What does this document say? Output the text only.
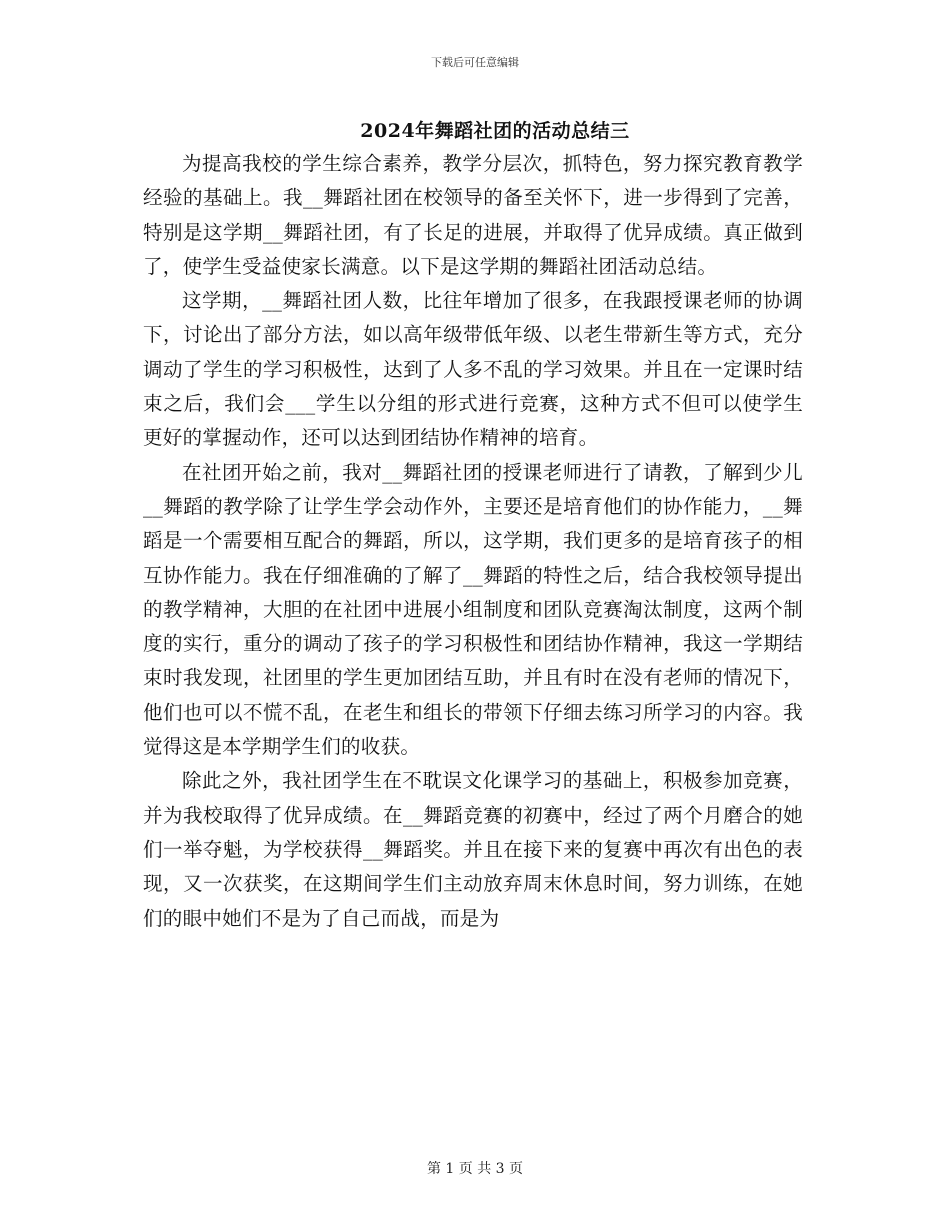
下载后可任意编辑
2024年舞蹈社团的活动总结三

为提高我校的学生综合素养，教学分层次，抓特色，努力探究教育教学经验的基础上。我__舞蹈社团在校领导的备至关怀下，进一步得到了完善，特别是这学期__舞蹈社团，有了长足的进展，并取得了优异成绩。真正做到了，使学生受益使家长满意。以下是这学期的舞蹈社团活动总结。

这学期，__舞蹈社团人数，比往年增加了很多，在我跟授课老师的协调下，讨论出了部分方法，如以高年级带低年级、以老生带新生等方式，充分调动了学生的学习积极性，达到了人多不乱的学习效果。并且在一定课时结束之后，我们会___学生以分组的形式进行竞赛，这种方式不但可以使学生更好的掌握动作，还可以达到团结协作精神的培育。

在社团开始之前，我对__舞蹈社团的授课老师进行了请教，了解到少儿__舞蹈的教学除了让学生学会动作外，主要还是培育他们的协作能力，__舞蹈是一个需要相互配合的舞蹈，所以，这学期，我们更多的是培育孩子的相互协作能力。我在仔细准确的了解了__舞蹈的特性之后，结合我校领导提出的教学精神，大胆的在社团中进展小组制度和团队竞赛淘汰制度，这两个制度的实行，重分的调动了孩子的学习积极性和团结协作精神，我这一学期结束时我发现，社团里的学生更加团结互助，并且有时在没有老师的情况下，他们也可以不慌不乱，在老生和组长的带领下仔细去练习所学习的内容。我觉得这是本学期学生们的收获。

除此之外，我社团学生在不耽误文化课学习的基础上，积极参加竞赛，并为我校取得了优异成绩。在__舞蹈竞赛的初赛中，经过了两个月磨合的她们一举夺魁，为学校获得__舞蹈奖。并且在接下来的复赛中再次有出色的表现，又一次获奖，在这期间学生们主动放弃周末休息时间，努力训练，在她们的眼中她们不是为了自己而战，而是为

第 1 页 共 3 页
